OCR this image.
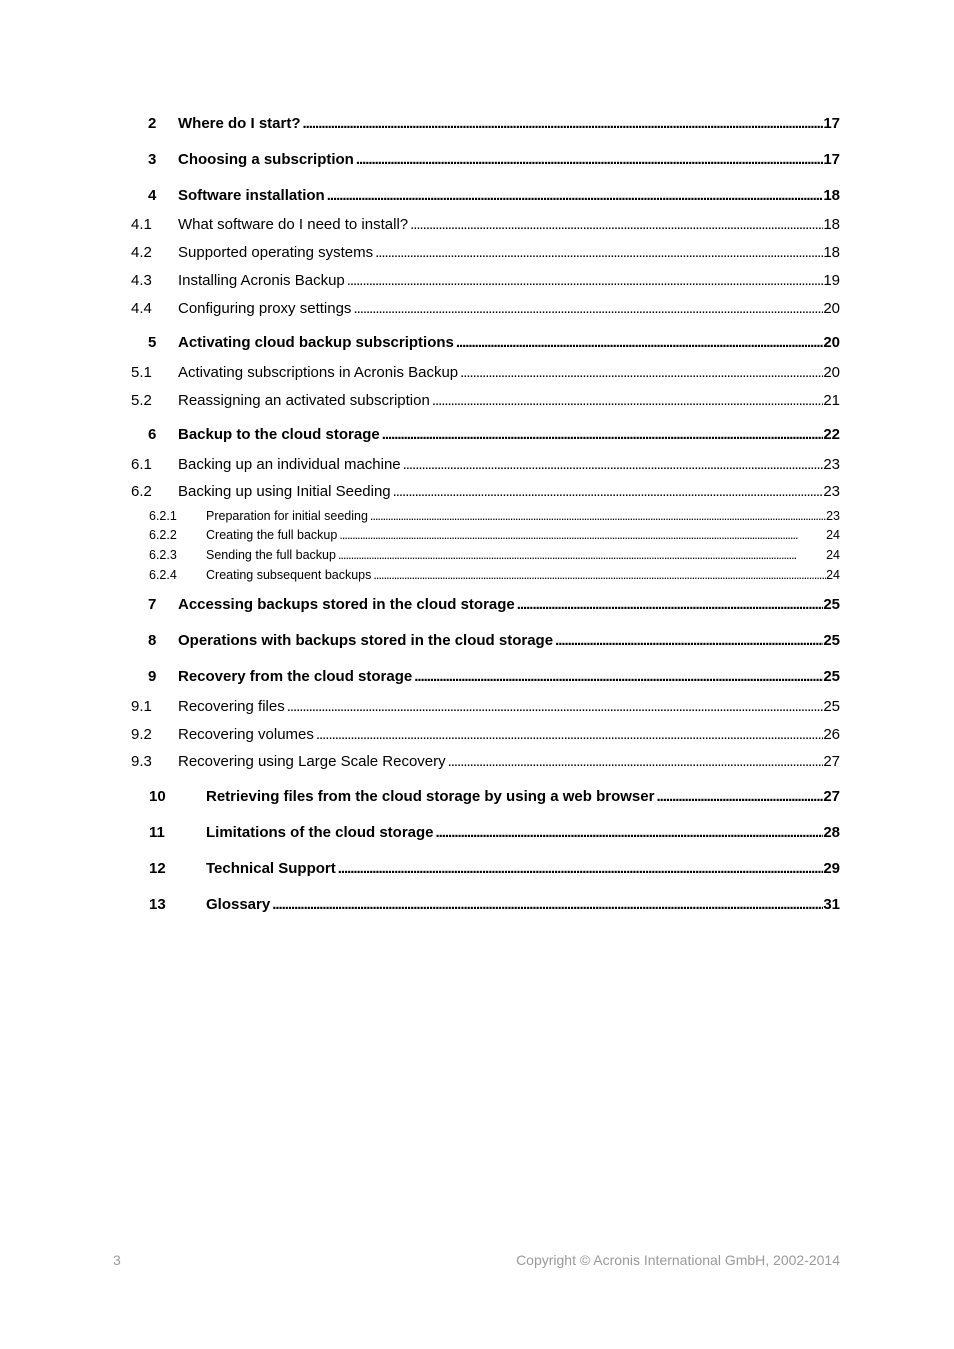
2 Where do I start? . . .	17
3 Choosing a subscription . . .	17
4 Software installation . . .	18
4.1 What software do I need to install? . . .	18
4.2 Supported operating systems . . .	18
4.3 Installing Acronis Backup . . .	19
4.4 Configuring proxy settings . . .	20
5 Activating cloud backup subscriptions . . .	20
5.1 Activating subscriptions in Acronis Backup . . .	20
5.2 Reassigning an activated subscription . . .	21
6 Backup to the cloud storage . . .	22
6.1 Backing up an individual machine . . .	23
6.2 Backing up using Initial Seeding . . .	23
6.2.1 Preparation for initial seeding . . .	23
6.2.2 Creating the full backup . . .	24
6.2.3 Sending the full backup . . .	24
6.2.4 Creating subsequent backups . . .	24
7 Accessing backups stored in the cloud storage . . .	25
8 Operations with backups stored in the cloud storage . . .	25
9 Recovery from the cloud storage . . .	25
9.1 Recovering files . . .	25
9.2 Recovering volumes . . .	26
9.3 Recovering using Large Scale Recovery . . .	27
10	Retrieving files from the cloud storage by using a web browser . . .	27
11	Limitations of the cloud storage . . .	28
12	Technical Support . . .	29
13	Glossary . . .	31
3	Copyright © Acronis International GmbH, 2002-2014
